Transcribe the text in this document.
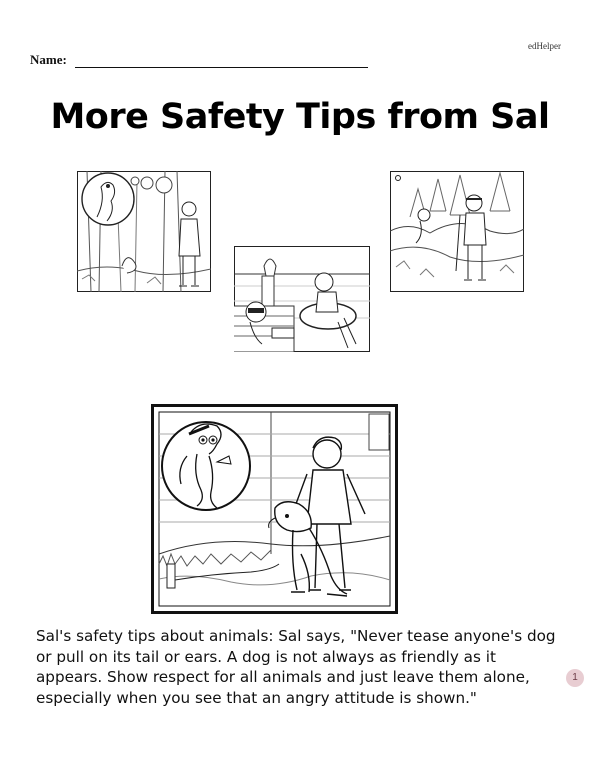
edHelper
Name:
More Safety Tips from Sal

Sal's safety tips about animals: Sal says, "Never tease anyone's dog or pull on its tail or ears. A dog is not always as friendly as it appears. Show respect for all animals and just leave them alone, especially when you see that an angry attitude is shown."

1
